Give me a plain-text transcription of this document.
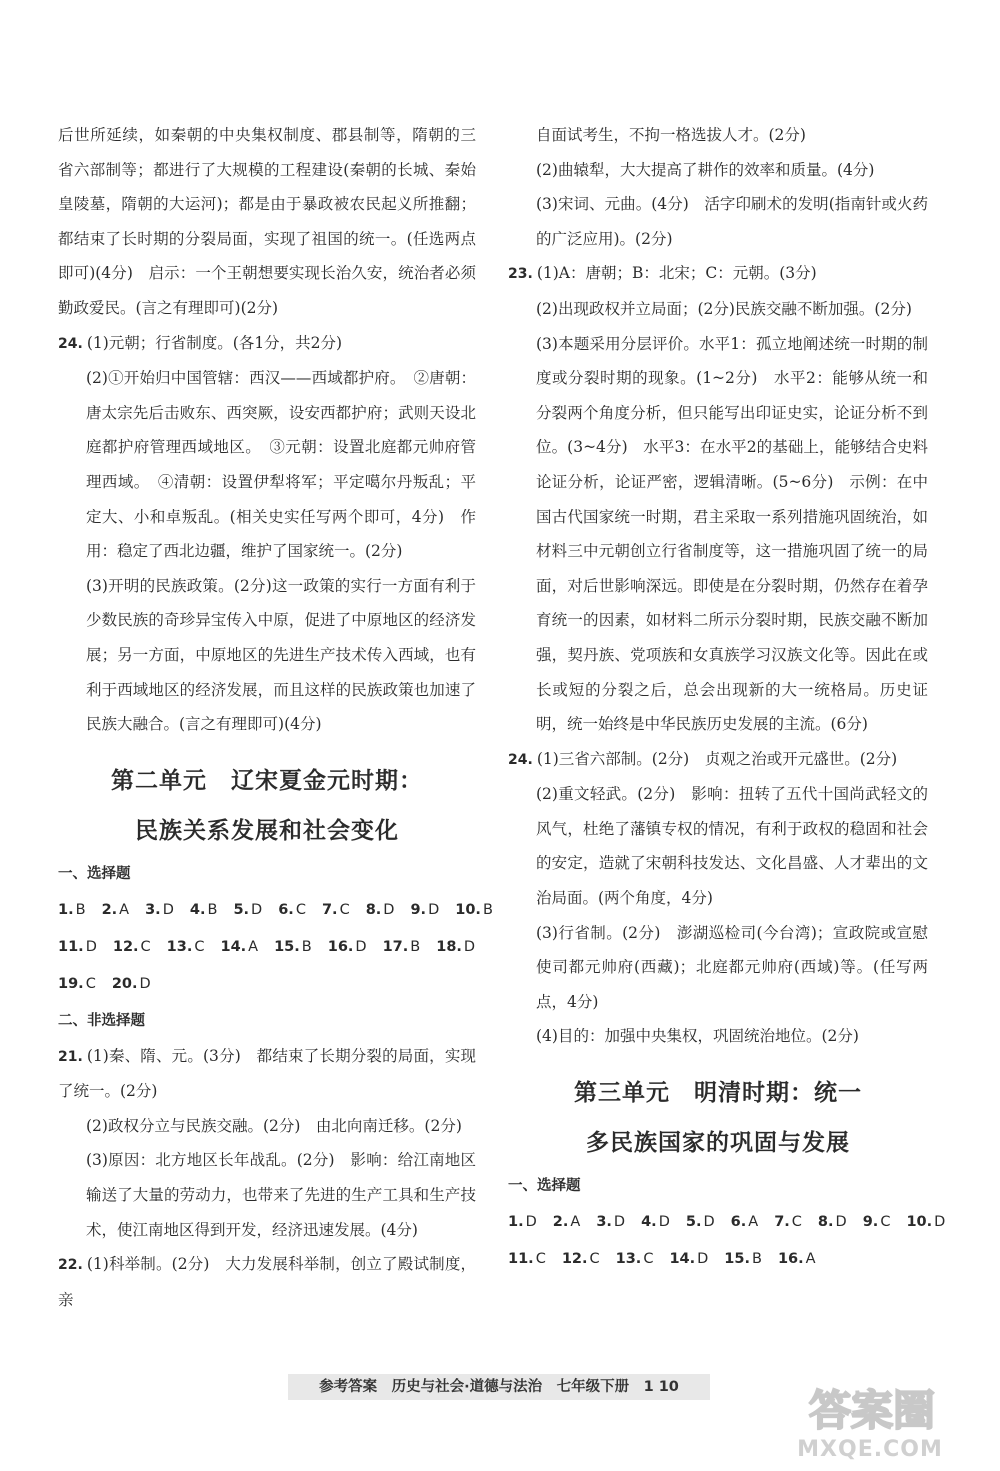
后世所延续，如秦朝的中央集权制度、郡县制等，隋朝的三省六部制等；都进行了大规模的工程建设(秦朝的长城、秦始皇陵墓，隋朝的大运河)；都是由于暴政被农民起义所推翻；都结束了长时期的分裂局面，实现了祖国的统一。(任选两点即可)(4分)　启示：一个王朝想要实现长治久安，统治者必须勤政爱民。(言之有理即可)(2分)

24. (1)元朝；行省制度。(各1分，共2分)

(2)①开始归中国管辖：西汉——西域都护府。　②唐朝：唐太宗先后击败东、西突厥，设安西都护府；武则天设北庭都护府管理西域地区。　③元朝：设置北庭都元帅府管理西域。　④清朝：设置伊犁将军；平定噶尔丹叛乱；平定大、小和卓叛乱。(相关史实任写两个即可，4分)　作用：稳定了西北边疆，维护了国家统一。(2分)

(3)开明的民族政策。(2分)这一政策的实行一方面有利于少数民族的奇珍异宝传入中原，促进了中原地区的经济发展；另一方面，中原地区的先进生产技术传入西域，也有利于西域地区的经济发展，而且这样的民族政策也加速了民族大融合。(言之有理即可)(4分)

第二单元　辽宋夏金元时期：

民族关系发展和社会变化

一、选择题

1. B 2. A 3. D 4. B 5. D 6. C 7. C 8. D 9. D 10. B

11. D 12. C 13. C 14. A 15. B 16. D 17. B 18. D

19. C 20. D

二、非选择题

21. (1)秦、隋、元。(3分)　都结束了长期分裂的局面，实现了统一。(2分)

(2)政权分立与民族交融。(2分)　由北向南迁移。(2分)

(3)原因：北方地区长年战乱。(2分)　影响：给江南地区输送了大量的劳动力，也带来了先进的生产工具和生产技术，使江南地区得到开发，经济迅速发展。(4分)

22. (1)科举制。(2分)　大力发展科举制，创立了殿试制度，亲

自面试考生，不拘一格选拔人才。(2分)

(2)曲辕犁，大大提高了耕作的效率和质量。(4分)

(3)宋词、元曲。(4分)　活字印刷术的发明(指南针或火药的广泛应用)。(2分)

23. (1)A：唐朝；B：北宋；C：元朝。(3分)

(2)出现政权并立局面；(2分)民族交融不断加强。(2分)

(3)本题采用分层评价。水平1：孤立地阐述统一时期的制度或分裂时期的现象。(1~2分)　水平2：能够从统一和分裂两个角度分析，但只能写出印证史实，论证分析不到位。(3~4分)　水平3：在水平2的基础上，能够结合史料论证分析，论证严密，逻辑清晰。(5~6分)　示例：在中国古代国家统一时期，君主采取一系列措施巩固统治，如材料三中元朝创立行省制度等，这一措施巩固了统一的局面，对后世影响深远。即使是在分裂时期，仍然存在着孕育统一的因素，如材料二所示分裂时期，民族交融不断加强，契丹族、党项族和女真族学习汉族文化等。因此在或长或短的分裂之后，总会出现新的大一统格局。历史证明，统一始终是中华民族历史发展的主流。(6分)

24. (1)三省六部制。(2分)　贞观之治或开元盛世。(2分)

(2)重文轻武。(2分)　影响：扭转了五代十国尚武轻文的风气，杜绝了藩镇专权的情况，有利于政权的稳固和社会的安定，造就了宋朝科技发达、文化昌盛、人才辈出的文治局面。(两个角度，4分)

(3)行省制。(2分)　澎湖巡检司(今台湾)；宣政院或宣慰使司都元帅府(西藏)；北庭都元帅府(西域)等。(任写两点，4分)

(4)目的：加强中央集权，巩固统治地位。(2分)

第三单元　明清时期：统一

多民族国家的巩固与发展

一、选择题

1. D 2. A 3. D 4. D 5. D 6. A 7. C 8. D 9. C 10. D

11. C 12. C 13. C 14. D 15. B 16. A

参考答案　历史与社会·道德与法治　七年级下册　1 10	答案圈
MXQE.COM
